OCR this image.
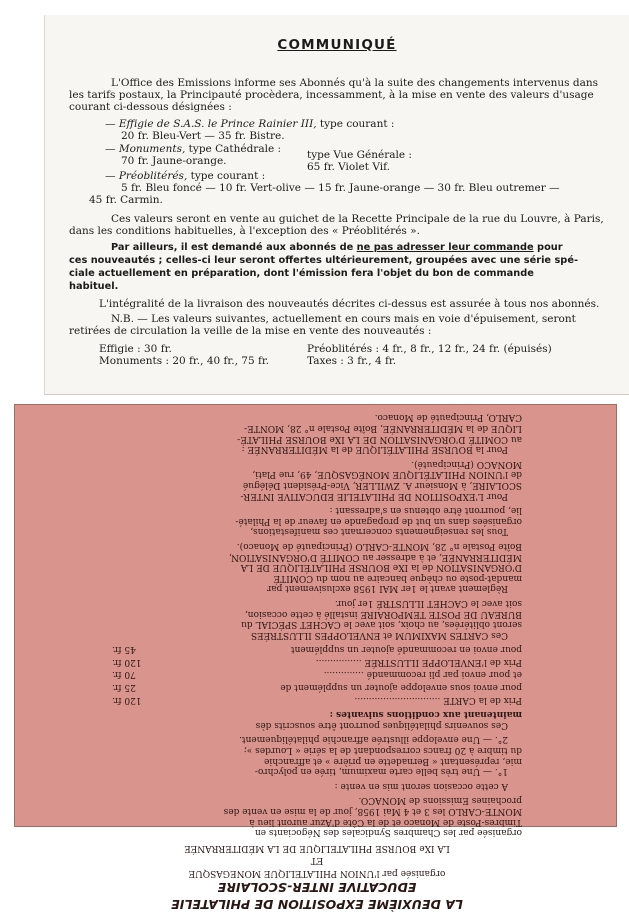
COMMUNIQUÉ
L'Office des Emissions informe ses Abonnés qu'à la suite des changements intervenus dans
les tarifs postaux, la Principauté procèdera, incessamment, à la mise en vente des valeurs d'usage
courant ci-dessous désignées :
— Effigie de S.A.S. le Prince Rainier III, type courant :
20 fr. Bleu-Vert — 35 fr. Bistre.
— Monuments, type Cathédrale :
70 fr. Jaune-orange.	type Vue Générale :
65 fr. Violet Vif.
— Préoblitérés, type courant :
5 fr. Bleu foncé — 10 fr. Vert-olive — 15 fr. Jaune-orange — 30 fr. Bleu outremer —
45 fr. Carmin.
Ces valeurs seront en vente au guichet de la Recette Principale de la rue du Louvre, à Paris,
dans les conditions habituelles, à l'exception des « Préoblitérés ».
Par ailleurs, il est demandé aux abonnés de ne pas adresser leur commande pour
ces nouveautés ; celles-ci leur seront offertes ultérieurement, groupées avec une série spé-
ciale actuellement en préparation, dont l'émission fera l'objet du bon de commande
habituel.
L'intégralité de la livraison des nouveautés décrites ci-dessus est assurée à tous nos abonnés.
N.B. — Les valeurs suivantes, actuellement en cours mais en voie d'épuisement, seront
retirées de circulation la veille de la mise en vente des nouveautés :
Effigie : 30 fr.
Monuments : 20 fr., 40 fr., 75 fr.
Préoblitérés : 4 fr., 8 fr., 12 fr., 24 fr. (épuisés)
Taxes : 3 fr., 4 fr.

LA DEUXIÈME EXPOSITION DE PHILATELIE

EDUCATIVE INTER-SCOLAIRE

organisée par l'UNION PHILATELIQUE MONEGASQUE

ET

LA IXe BOURSE PHILATELIQUE DE LA MÉDITERRANÉE

organisée par les Chambres Syndicales des Négociants en
Timbres-Poste de Monaco et de la Côte d'Azur auront lieu à
MONTE-CARLO les 3 et 4 Mai 1958, jour de la mise en vente des
prochaines Emissions de MONACO.

A cette occasion seront mis en vente :

1°. — Une très belle carte maximum, tirée en polychro-
mie, représentant « Bernadette en prière » et affranchie
du timbre à 20 francs correspondant de la série « Lourdes »;
2°. — Une enveloppe illustrée affranchie philatéliquement.

Ces souvenirs philatéliques pourront être souscrits dès
maintenant aux conditions suivantes :

Prix de la CARTE ..............................
120 fr.

pour envoi sous enveloppe ajouter un supplément de
25 fr.

et pour envoi par pli recommandé ..............
70 fr.

Prix de l'ENVELOPPE ILLUSTRÉE ................
120 fr.

pour envoi en recommandé ajouter un supplément
45 fr.

Ces CARTES MAXIMUM et ENVELOPPES ILLUSTRÉES
seront oblitérées, au choix, soit avec le CACHET SPÉCIAL du
BUREAU DE POSTE TEMPORAIRE installé à cette occasion,
soit avec le CACHET ILLUSTRÉ 1er jour.

Règlement avant le 1er MAI 1958 exclusivement par
mandat-poste ou chèque bancaire au nom du COMITÉ
D'ORGANISATION de la IXe BOURSE PHILATÉLIQUE DE LA
MÉDITERRANÉE, et à adresser au COMITÉ D'ORGANISATION,
Boîte Postale n° 28, MONTE-CARLO (Principauté de Monaco).

Tous les renseignements concernant ces manifestations,
organisées dans un but de propagande en faveur de la Philaté-
lie, pourront être obtenus en s'adressant :

Pour L'EXPOSITION DE PHILATELIE EDUCATIVE INTER-
SCOLAIRE, à Monsieur A. ZWILLER, Vice-Président Délégué
de l'UNION PHILATÉLIQUE MONÉGASQUE, 49, rue Plati,
MONACO (Principauté).

Pour la BOURSE PHILATÉLIQUE de la MÉDITERRANÉE :
au COMITÉ D'ORGANISATION DE LA IXe BOURSE PHILATÉ-
LIQUE de la MÉDITERRANÉE, Boîte Postale n° 28, MONTE-
CARLO, Principauté de Monaco.
